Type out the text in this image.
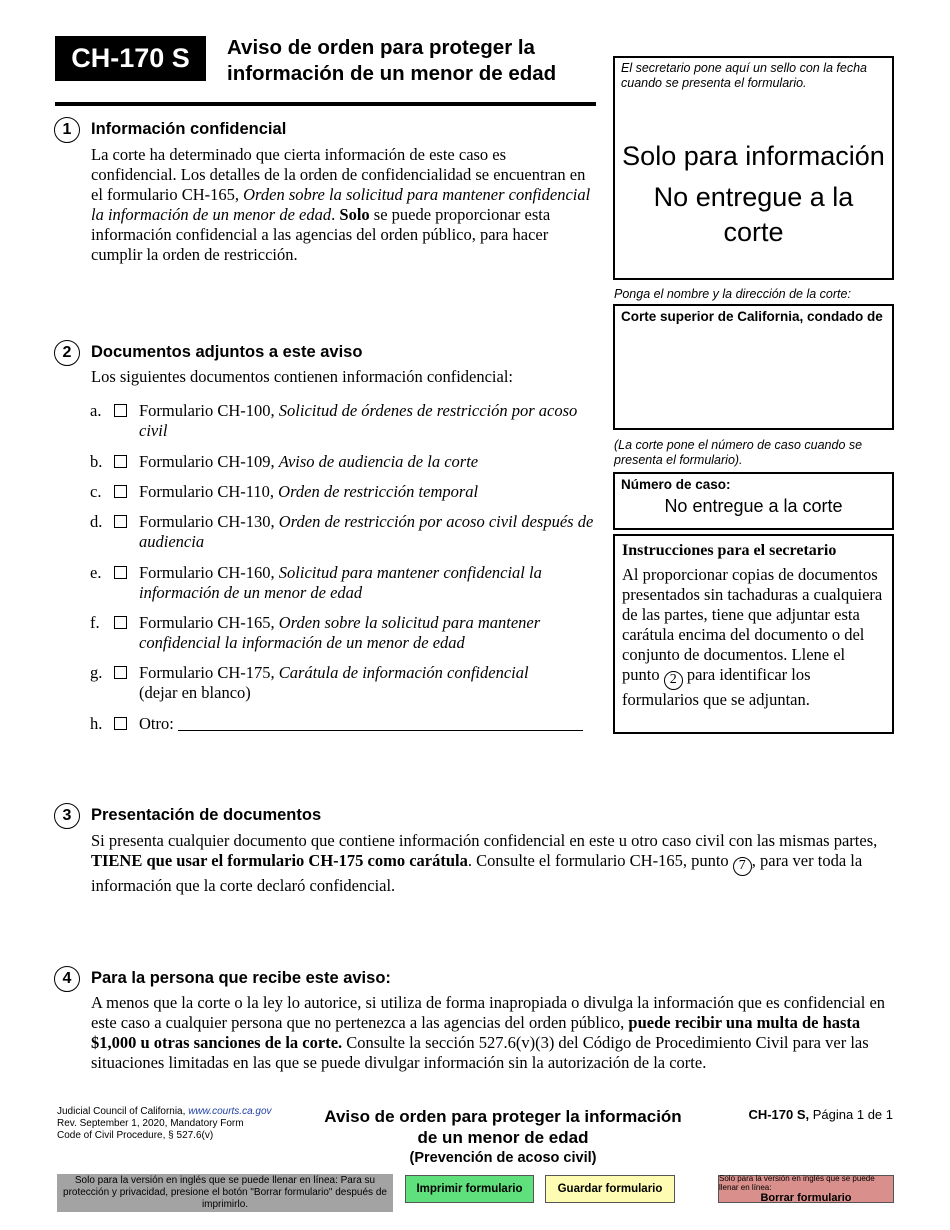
CH-170 S	Aviso de orden para proteger la
información de un menor de edad	El secretario pone aquí un sello con la fecha cuando se presenta el formulario.
Solo para información
No entregue a la
corte
Ponga el nombre y la dirección de la corte:
Corte superior de California, condado de
(La corte pone el número de caso cuando se presenta el formulario).
Número de caso:
No entregue a la corte
Instrucciones para el secretario
Al proporcionar copias de documentos presentados sin tachaduras a cualquiera de las partes, tiene que adjuntar esta carátula encima del documento o del conjunto de documentos. Llene el punto 2 para identificar los formularios que se adjuntan.
1	Información confidencial
La corte ha determinado que cierta información de este caso es confidencial. Los detalles de la orden de confidencialidad se encuentran en el formulario CH-165, Orden sobre la solicitud para mantener confidencial la información de un menor de edad. Solo se puede proporcionar esta información confidencial a las agencias del orden público, para hacer cumplir la orden de restricción.
2	Documentos adjuntos a este aviso
Los siguientes documentos contienen información confidencial:
a. Formulario CH-100, Solicitud de órdenes de restricción por acoso civil
b. Formulario CH-109, Aviso de audiencia de la corte
c. Formulario CH-110, Orden de restricción temporal
d. Formulario CH-130, Orden de restricción por acoso civil después de audiencia
e. Formulario CH-160, Solicitud para mantener confidencial la información de un menor de edad
f. Formulario CH-165, Orden sobre la solicitud para mantener confidencial la información de un menor de edad
g. Formulario CH-175, Carátula de información confidencial
(dejar en blanco)
h. Otro:
3	Presentación de documentos
Si presenta cualquier documento que contiene información confidencial en este u otro caso civil con las mismas partes, TIENE que usar el formulario CH-175 como carátula. Consulte el formulario CH-165, punto 7 , para ver toda la información que la corte declaró confidencial.
4	Para la persona que recibe este aviso:
A menos que la corte o la ley lo autorice, si utiliza de forma inapropiada o divulga la información que es confidencial en este caso a cualquier persona que no pertenezca a las agencias del orden público, puede recibir una multa de hasta $1,000 u otras sanciones de la corte. Consulte la sección 527.6(v)(3) del Código de Procedimiento Civil para ver las situaciones limitadas en las que se puede divulgar información sin la autorización de la corte.
Judicial Council of California, www.courts.ca.gov
Rev. September 1, 2020, Mandatory Form
Code of Civil Procedure, § 527.6(v)
Aviso de orden para proteger la información
de un menor de edad
(Prevención de acoso civil)
CH-170 S, Página 1 de 1
Solo para la versión en inglés que se puede llenar en línea: Para su protección y privacidad, presione el botón "Borrar formulario" después de imprimirlo.
Imprimir formulario	Guardar formulario
Solo para la versión en inglés que se puede llenar en línea:
Borrar formulario
